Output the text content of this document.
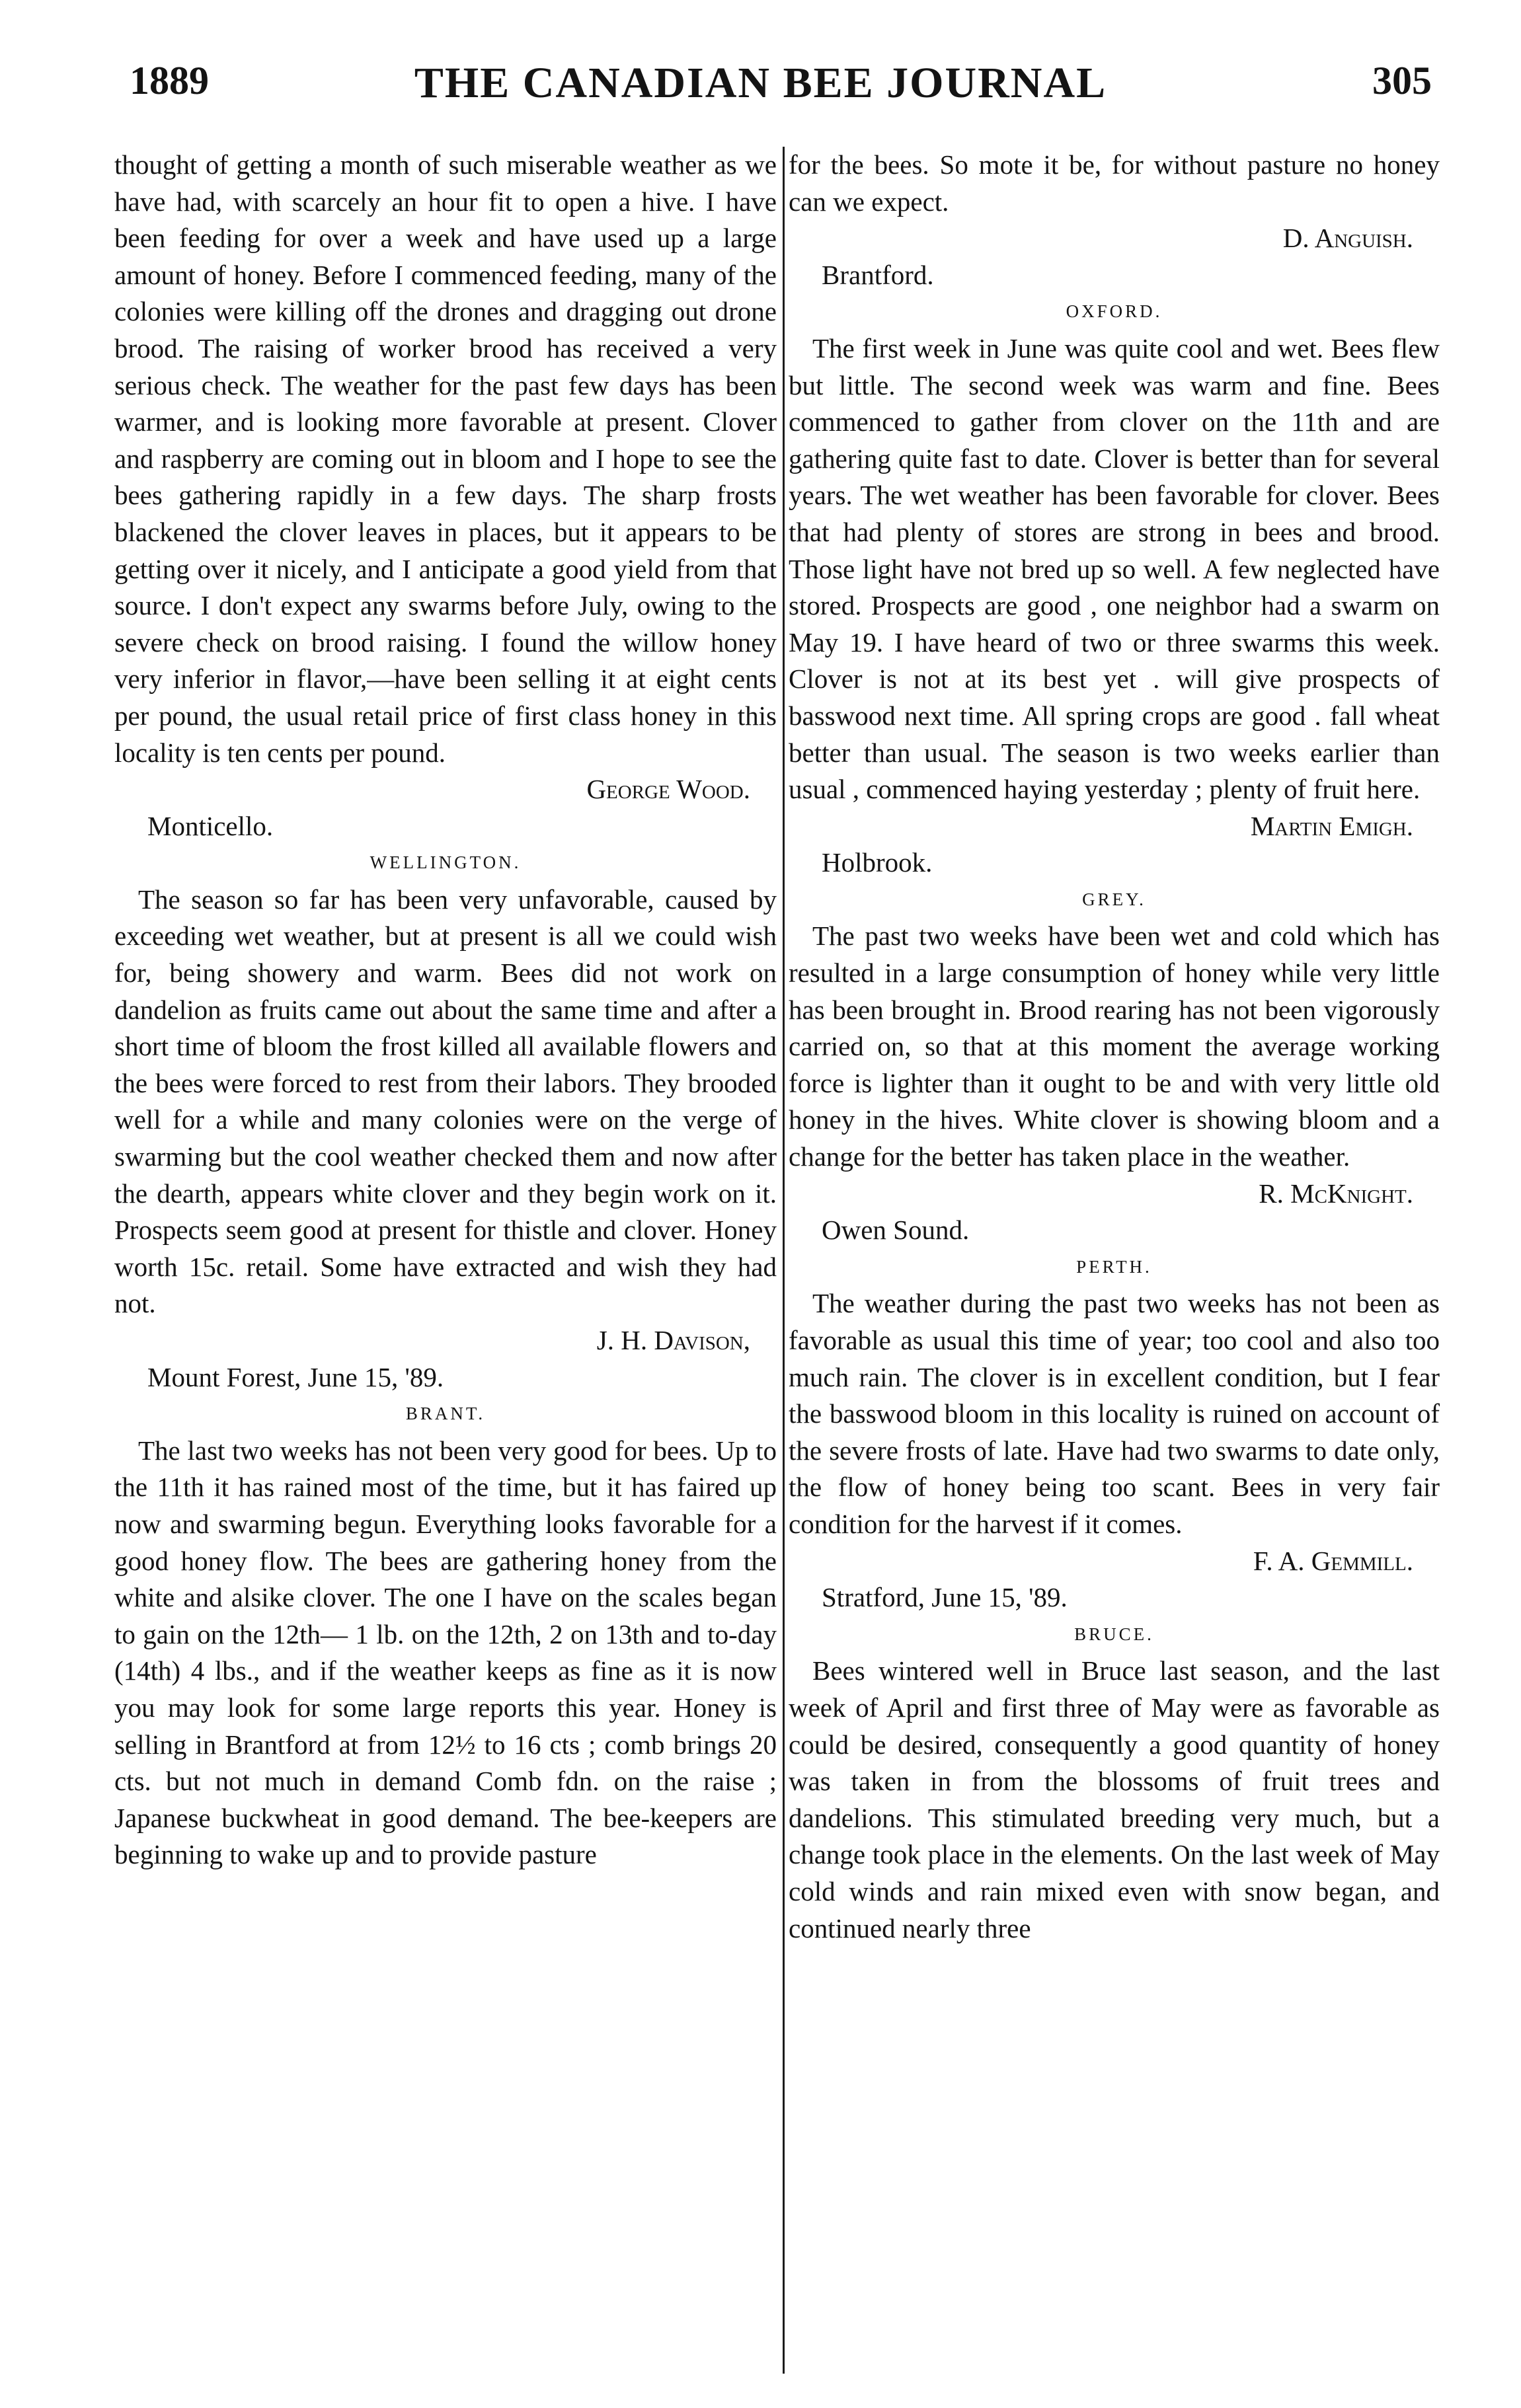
1889	THE CANADIAN BEE JOURNAL	305

thought of getting a month of such miserable weather as we have had, with scarcely an hour fit to open a hive. I have been feeding for over a week and have used up a large amount of honey. Before I commenced feeding, many of the colonies were killing off the drones and dragging out drone brood. The raising of worker brood has received a very serious check. The weather for the past few days has been warmer, and is looking more favorable at present. Clover and raspberry are coming out in bloom and I hope to see the bees gathering rapidly in a few days. The sharp frosts blackened the clover leaves in places, but it appears to be getting over it nicely, and I anticipate a good yield from that source. I don't expect any swarms before July, owing to the severe check on brood raising. I found the willow honey very inferior in flavor,—have been selling it at eight cents per pound, the usual retail price of first class honey in this locality is ten cents per pound.

George Wood.

Monticello.

WELLINGTON.

The season so far has been very unfavorable, caused by exceeding wet weather, but at present is all we could wish for, being showery and warm. Bees did not work on dandelion as fruits came out about the same time and after a short time of bloom the frost killed all available flowers and the bees were forced to rest from their labors. They brooded well for a while and many colonies were on the verge of swarming but the cool weather checked them and now after the dearth, appears white clover and they begin work on it. Prospects seem good at present for thistle and clover. Honey worth 15c. retail. Some have extracted and wish they had not.

J. H. Davison,

Mount Forest, June 15, '89.

BRANT.

The last two weeks has not been very good for bees. Up to the 11th it has rained most of the time, but it has faired up now and swarming begun. Everything looks favorable for a good honey flow. The bees are gathering honey from the white and alsike clover. The one I have on the scales began to gain on the 12th— 1 lb. on the 12th, 2 on 13th and to-day (14th) 4 lbs., and if the weather keeps as fine as it is now you may look for some large reports this year. Honey is selling in Brantford at from 12½ to 16 cts ; comb brings 20 cts. but not much in demand Comb fdn. on the raise ; Japanese buckwheat in good demand. The bee-keepers are beginning to wake up and to provide pasture

for the bees. So mote it be, for without pasture no honey can we expect.

D. Anguish.

Brantford.

OXFORD.

The first week in June was quite cool and wet. Bees flew but little. The second week was warm and fine. Bees commenced to gather from clover on the 11th and are gathering quite fast to date. Clover is better than for several years. The wet weather has been favorable for clover. Bees that had plenty of stores are strong in bees and brood. Those light have not bred up so well. A few neglected have stored. Prospects are good , one neighbor had a swarm on May 19. I have heard of two or three swarms this week. Clover is not at its best yet . will give prospects of basswood next time. All spring crops are good . fall wheat better than usual. The season is two weeks earlier than usual , commenced haying yesterday ; plenty of fruit here.

Martin Emigh.

Holbrook.

GREY.

The past two weeks have been wet and cold which has resulted in a large consumption of honey while very little has been brought in. Brood rearing has not been vigorously carried on, so that at this moment the average working force is lighter than it ought to be and with very little old honey in the hives. White clover is showing bloom and a change for the better has taken place in the weather.

R. McKnight.

Owen Sound.

PERTH.

The weather during the past two weeks has not been as favorable as usual this time of year; too cool and also too much rain. The clover is in excellent condition, but I fear the basswood bloom in this locality is ruined on account of the severe frosts of late. Have had two swarms to date only, the flow of honey being too scant. Bees in very fair condition for the harvest if it comes.

F. A. Gemmill.

Stratford, June 15, '89.

BRUCE.

Bees wintered well in Bruce last season, and the last week of April and first three of May were as favorable as could be desired, consequently a good quantity of honey was taken in from the blossoms of fruit trees and dandelions. This stimulated breeding very much, but a change took place in the elements. On the last week of May cold winds and rain mixed even with snow began, and continued nearly three
